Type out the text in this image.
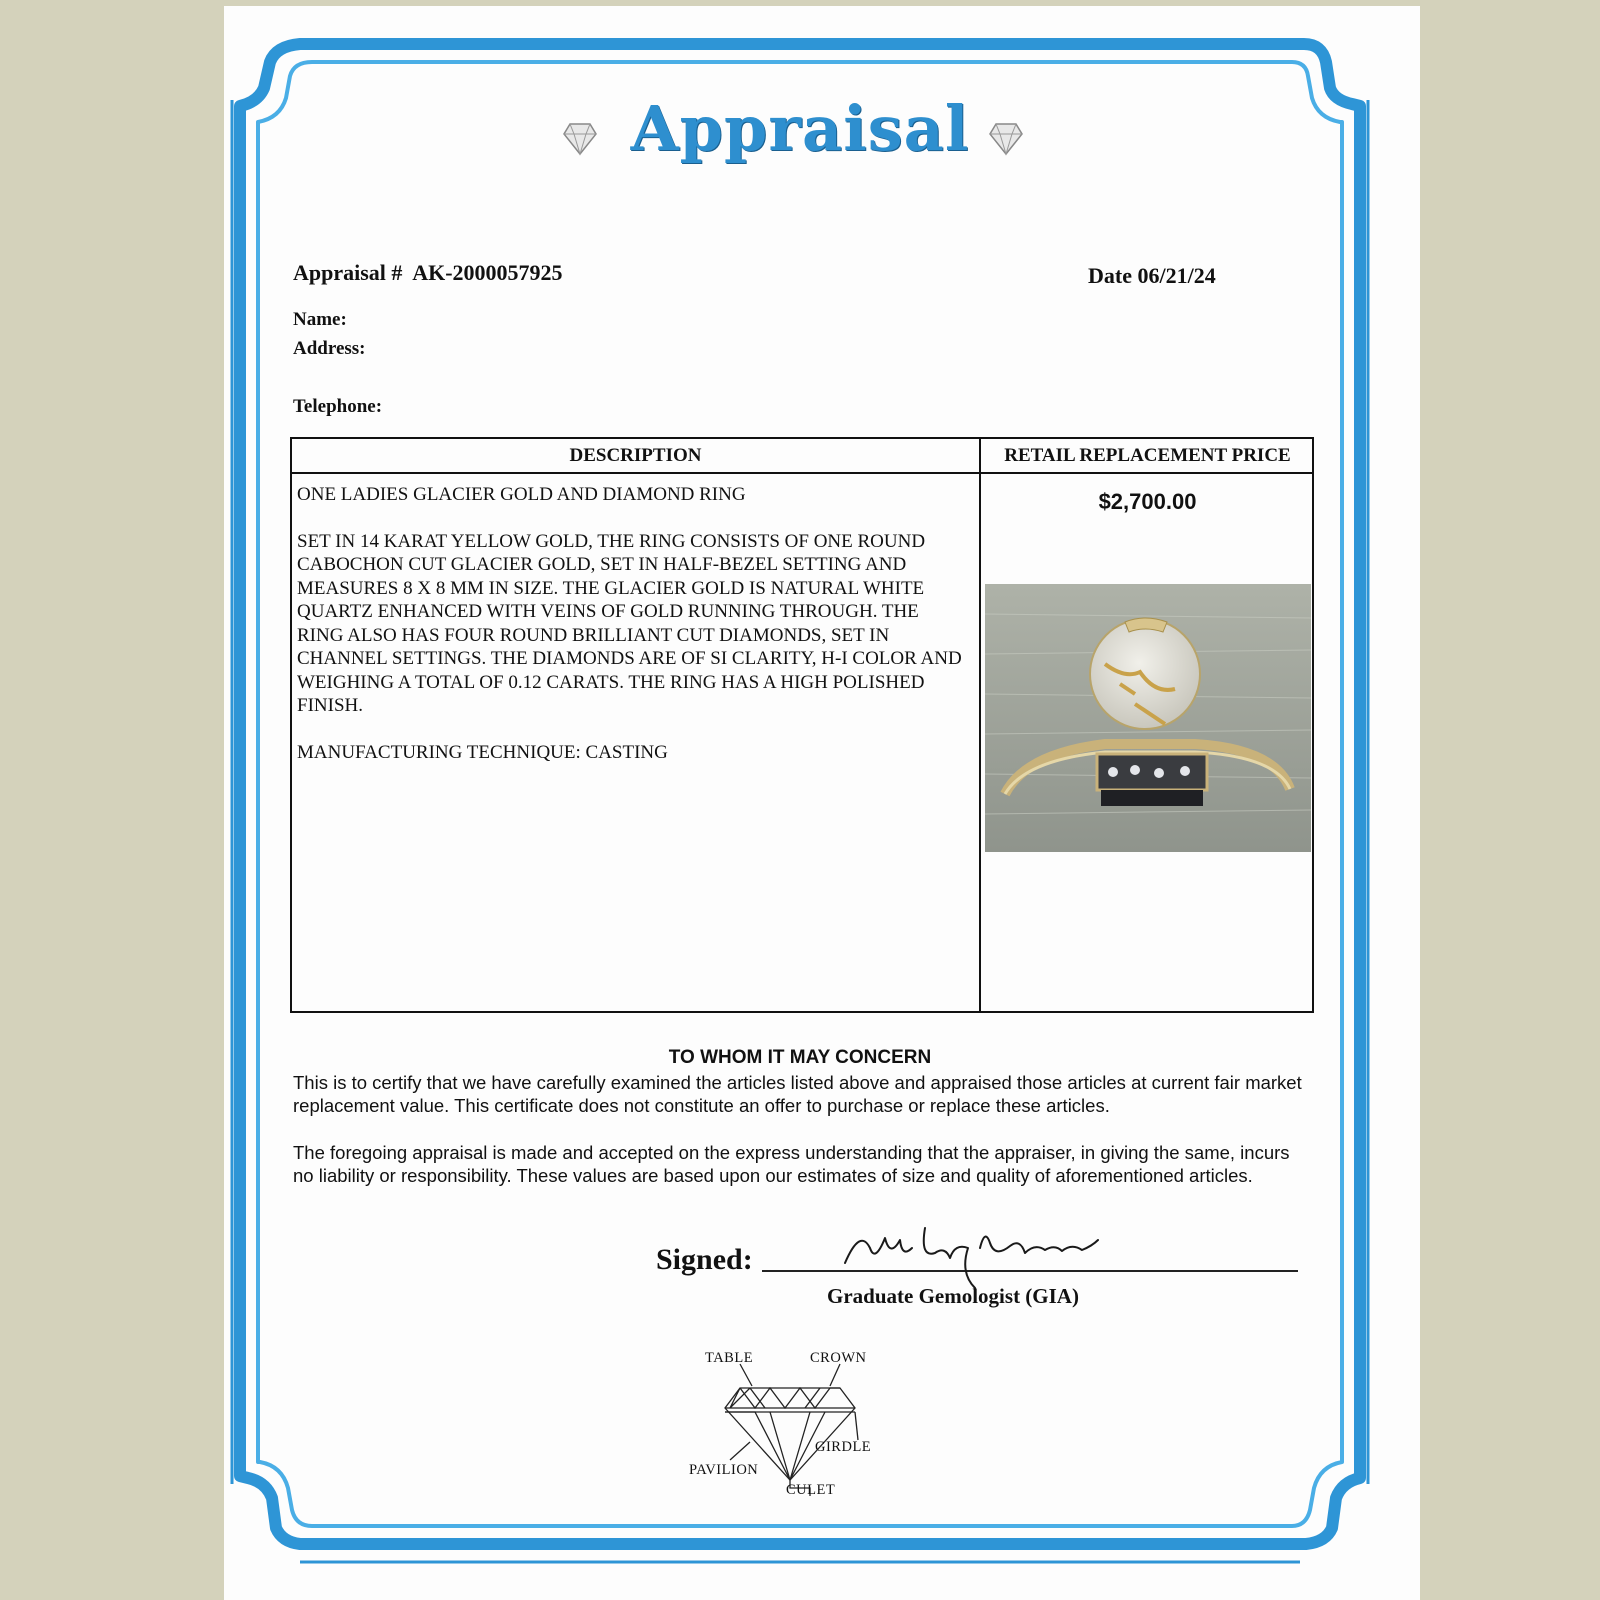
Appraisal
Appraisal # AK-2000057925	Date 06/21/24
Name:
Address:
Telephone:
DESCRIPTION	RETAIL REPLACEMENT PRICE

ONE LADIES GLACIER GOLD AND DIAMOND RING

SET IN 14 KARAT YELLOW GOLD, THE RING CONSISTS OF ONE ROUND CABOCHON CUT GLACIER GOLD, SET IN HALF-BEZEL SETTING AND MEASURES 8 X 8 MM IN SIZE. THE GLACIER GOLD IS NATURAL WHITE QUARTZ ENHANCED WITH VEINS OF GOLD RUNNING THROUGH. THE RING ALSO HAS FOUR ROUND BRILLIANT CUT DIAMONDS, SET IN CHANNEL SETTINGS. THE DIAMONDS ARE OF SI CLARITY, H-I COLOR AND WEIGHING A TOTAL OF 0.12 CARATS. THE RING HAS A HIGH POLISHED FINISH.

MANUFACTURING TECHNIQUE: CASTING

$2,700.00
TO WHOM IT MAY CONCERN
This is to certify that we have carefully examined the articles listed above and appraised those articles at current fair market replacement value. This certificate does not constitute an offer to purchase or replace these articles.
The foregoing appraisal is made and accepted on the express understanding that the appraiser, in giving the same, incurs no liability or responsibility. These values are based upon our estimates of size and quality of aforementioned articles.
Signed:
Graduate Gemologist (GIA)
TABLE	CROWN
GIRDLE
PAVILION
CULET
